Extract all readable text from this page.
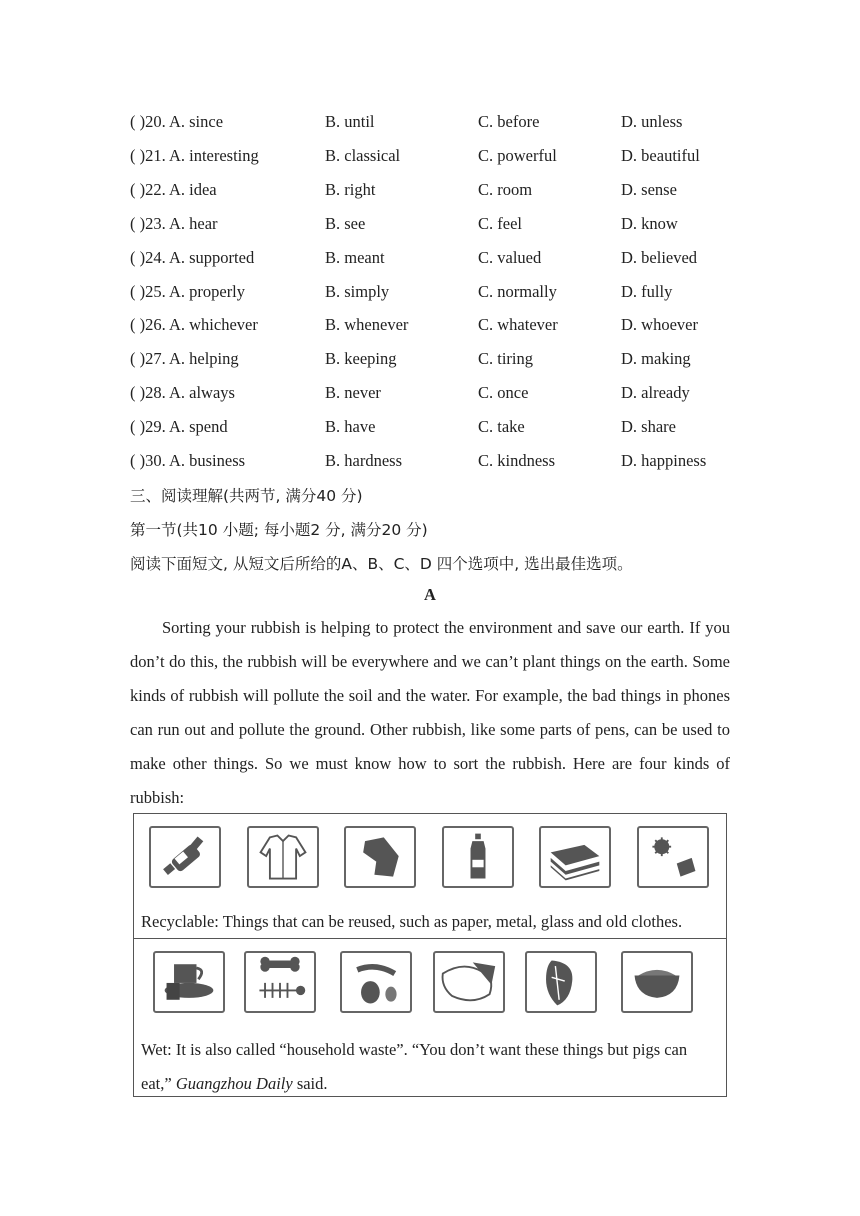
( )20. A. since	B. until	C. before	D. unless
( )21. A. interesting	B. classical	C. powerful	D. beautiful
( )22. A. idea	B. right	C. room	D. sense
( )23. A. hear	B. see	C. feel	D. know
( )24. A. supported	B. meant	C. valued	D. believed
( )25. A. properly	B. simply	C. normally	D. fully
( )26. A. whichever	B. whenever	C. whatever	D. whoever
( )27. A. helping	B. keeping	C. tiring	D. making
( )28. A. always	B. never	C. once	D. already
( )29. A. spend	B. have	C. take	D. share
( )30. A. business	B. hardness	C. kindness	D. happiness
三、阅读理解(共两节, 满分40 分)
第一节(共10 小题; 每小题2 分, 满分20 分)
阅读下面短文, 从短文后所给的A、B、C、D 四个选项中, 选出最佳选项。
A

Sorting your rubbish is helping to protect the environment and save our earth. If you don’t do this, the rubbish will be everywhere and we can’t plant things on the earth. Some kinds of rubbish will pollute the soil and the water. For example, the bad things in phones can run out and pollute the ground. Other rubbish, like some parts of pens, can be used to make other things. So we must know how to sort the rubbish. Here are four kinds of rubbish:

Recyclable: Things that can be reused, such as paper, metal, glass and old clothes.
Wet: It is also called “household waste”. “You don’t want these things but pigs can eat,” Guangzhou Daily said.
